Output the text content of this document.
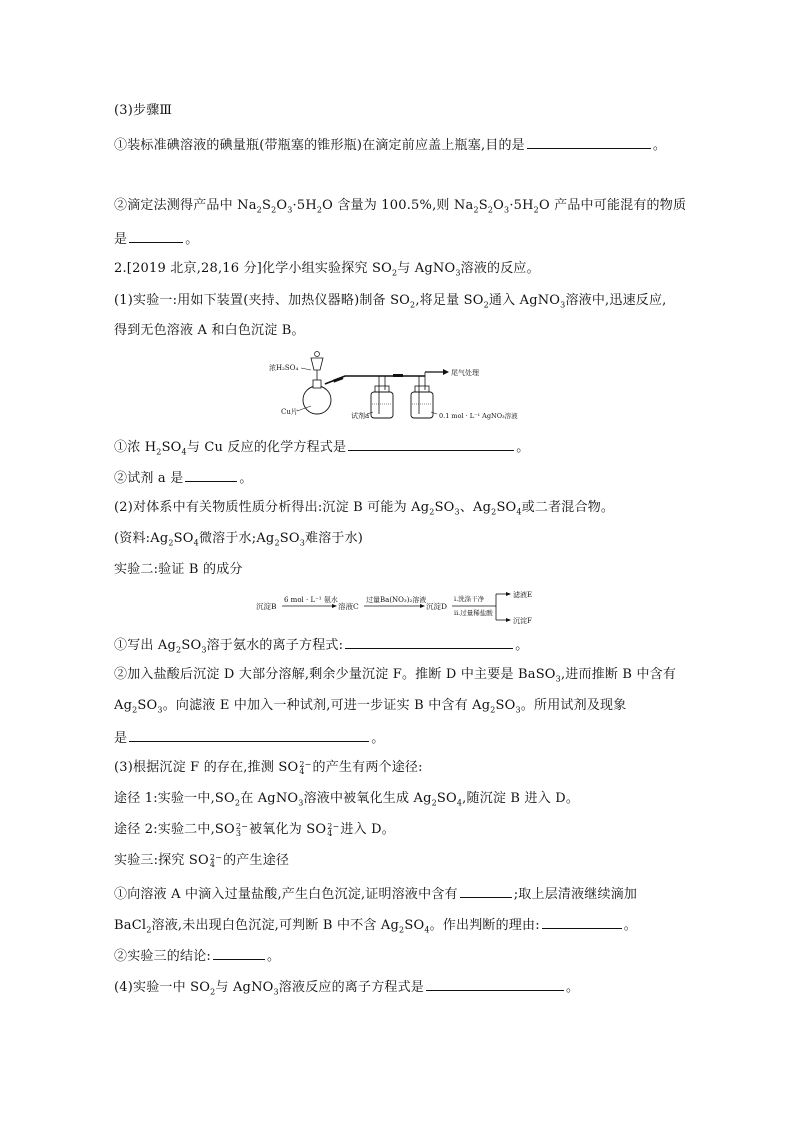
(3)步骤Ⅲ
①装标准碘溶液的碘量瓶(带瓶塞的锥形瓶)在滴定前应盖上瓶塞,目的是	。
②滴定法测得产品中 $Na_2S_2O_3\cdot 5H_2O$ 含量为 100.5%,则 $Na_2S_2O_3\cdot 5H_2O$ 产品中可能混有的物质
是	。
2.[2019 北京,28,16 分]化学小组实验探究 $SO_2$与 AgNO$_3$溶液的反应。
(1)实验一:用如下装置(夹持、加热仪器略)制备 $SO_2$,将足量 $SO_2$通入 AgNO$_3$溶液中,迅速反应,
得到无色溶液 A 和白色沉淀 B。
浓H₂SO₄
Cu片	试剂a
尾气处理
0.1 mol · L⁻¹ AgNO₃溶液
①浓 $H_2SO_4$与 Cu 反应的化学方程式是	。
②试剂 a 是	。
(2)对体系中有关物质性质分析得出:沉淀 B 可能为 $Ag_2SO_3$、$Ag_2SO_4$或二者混合物。
(资料$:Ag_2SO_4$微溶于水$;Ag_2SO_3$难溶于水)
实验二:验证 B 的成分
沉淀B
6 mol · L⁻¹ 氨水
溶液C
过量Ba(NO₃)₂溶液
沉淀D
i.洗涤干净
ii.过量稀盐酸
滤液E
沉淀F
①写出 $Ag_2SO_3$溶于氨水的离子方程式:	。
②加入盐酸后沉淀 D 大部分溶解,剩余少量沉淀 F。推断 D 中主要是 BaSO$_3$,进而推断 B 中含有
$Ag_2SO_3$。向滤液 E 中加入一种试剂,可进一步证实 B 中含有 $Ag_2SO_3$。所用试剂及现象
是	。
(3)根据沉淀 F 的存在,推测 SO 2−
4 的产生有两个途径:
途径 1:实验一中$,SO_2$在 AgNO$_3$溶液中被氧化生成 $Ag_2SO_4$,随沉淀 B 进入 D。
途径 2:实验二中,SO 2−
3 被氧化为 SO 2−
4 进入 D。
实验三:探究 SO 2−
4 的产生途径
①向溶液 A 中滴入过量盐酸,产生白色沉淀,证明溶液中含有	;取上层清液继续滴加
BaCl$_2$溶液,未出现白色沉淀,可判断 B 中不含 $Ag_2SO_4$。作出判断的理由:	。
②实验三的结论:	。
(4)实验一中 $SO_2$与 AgNO$_3$溶液反应的离子方程式是	。
